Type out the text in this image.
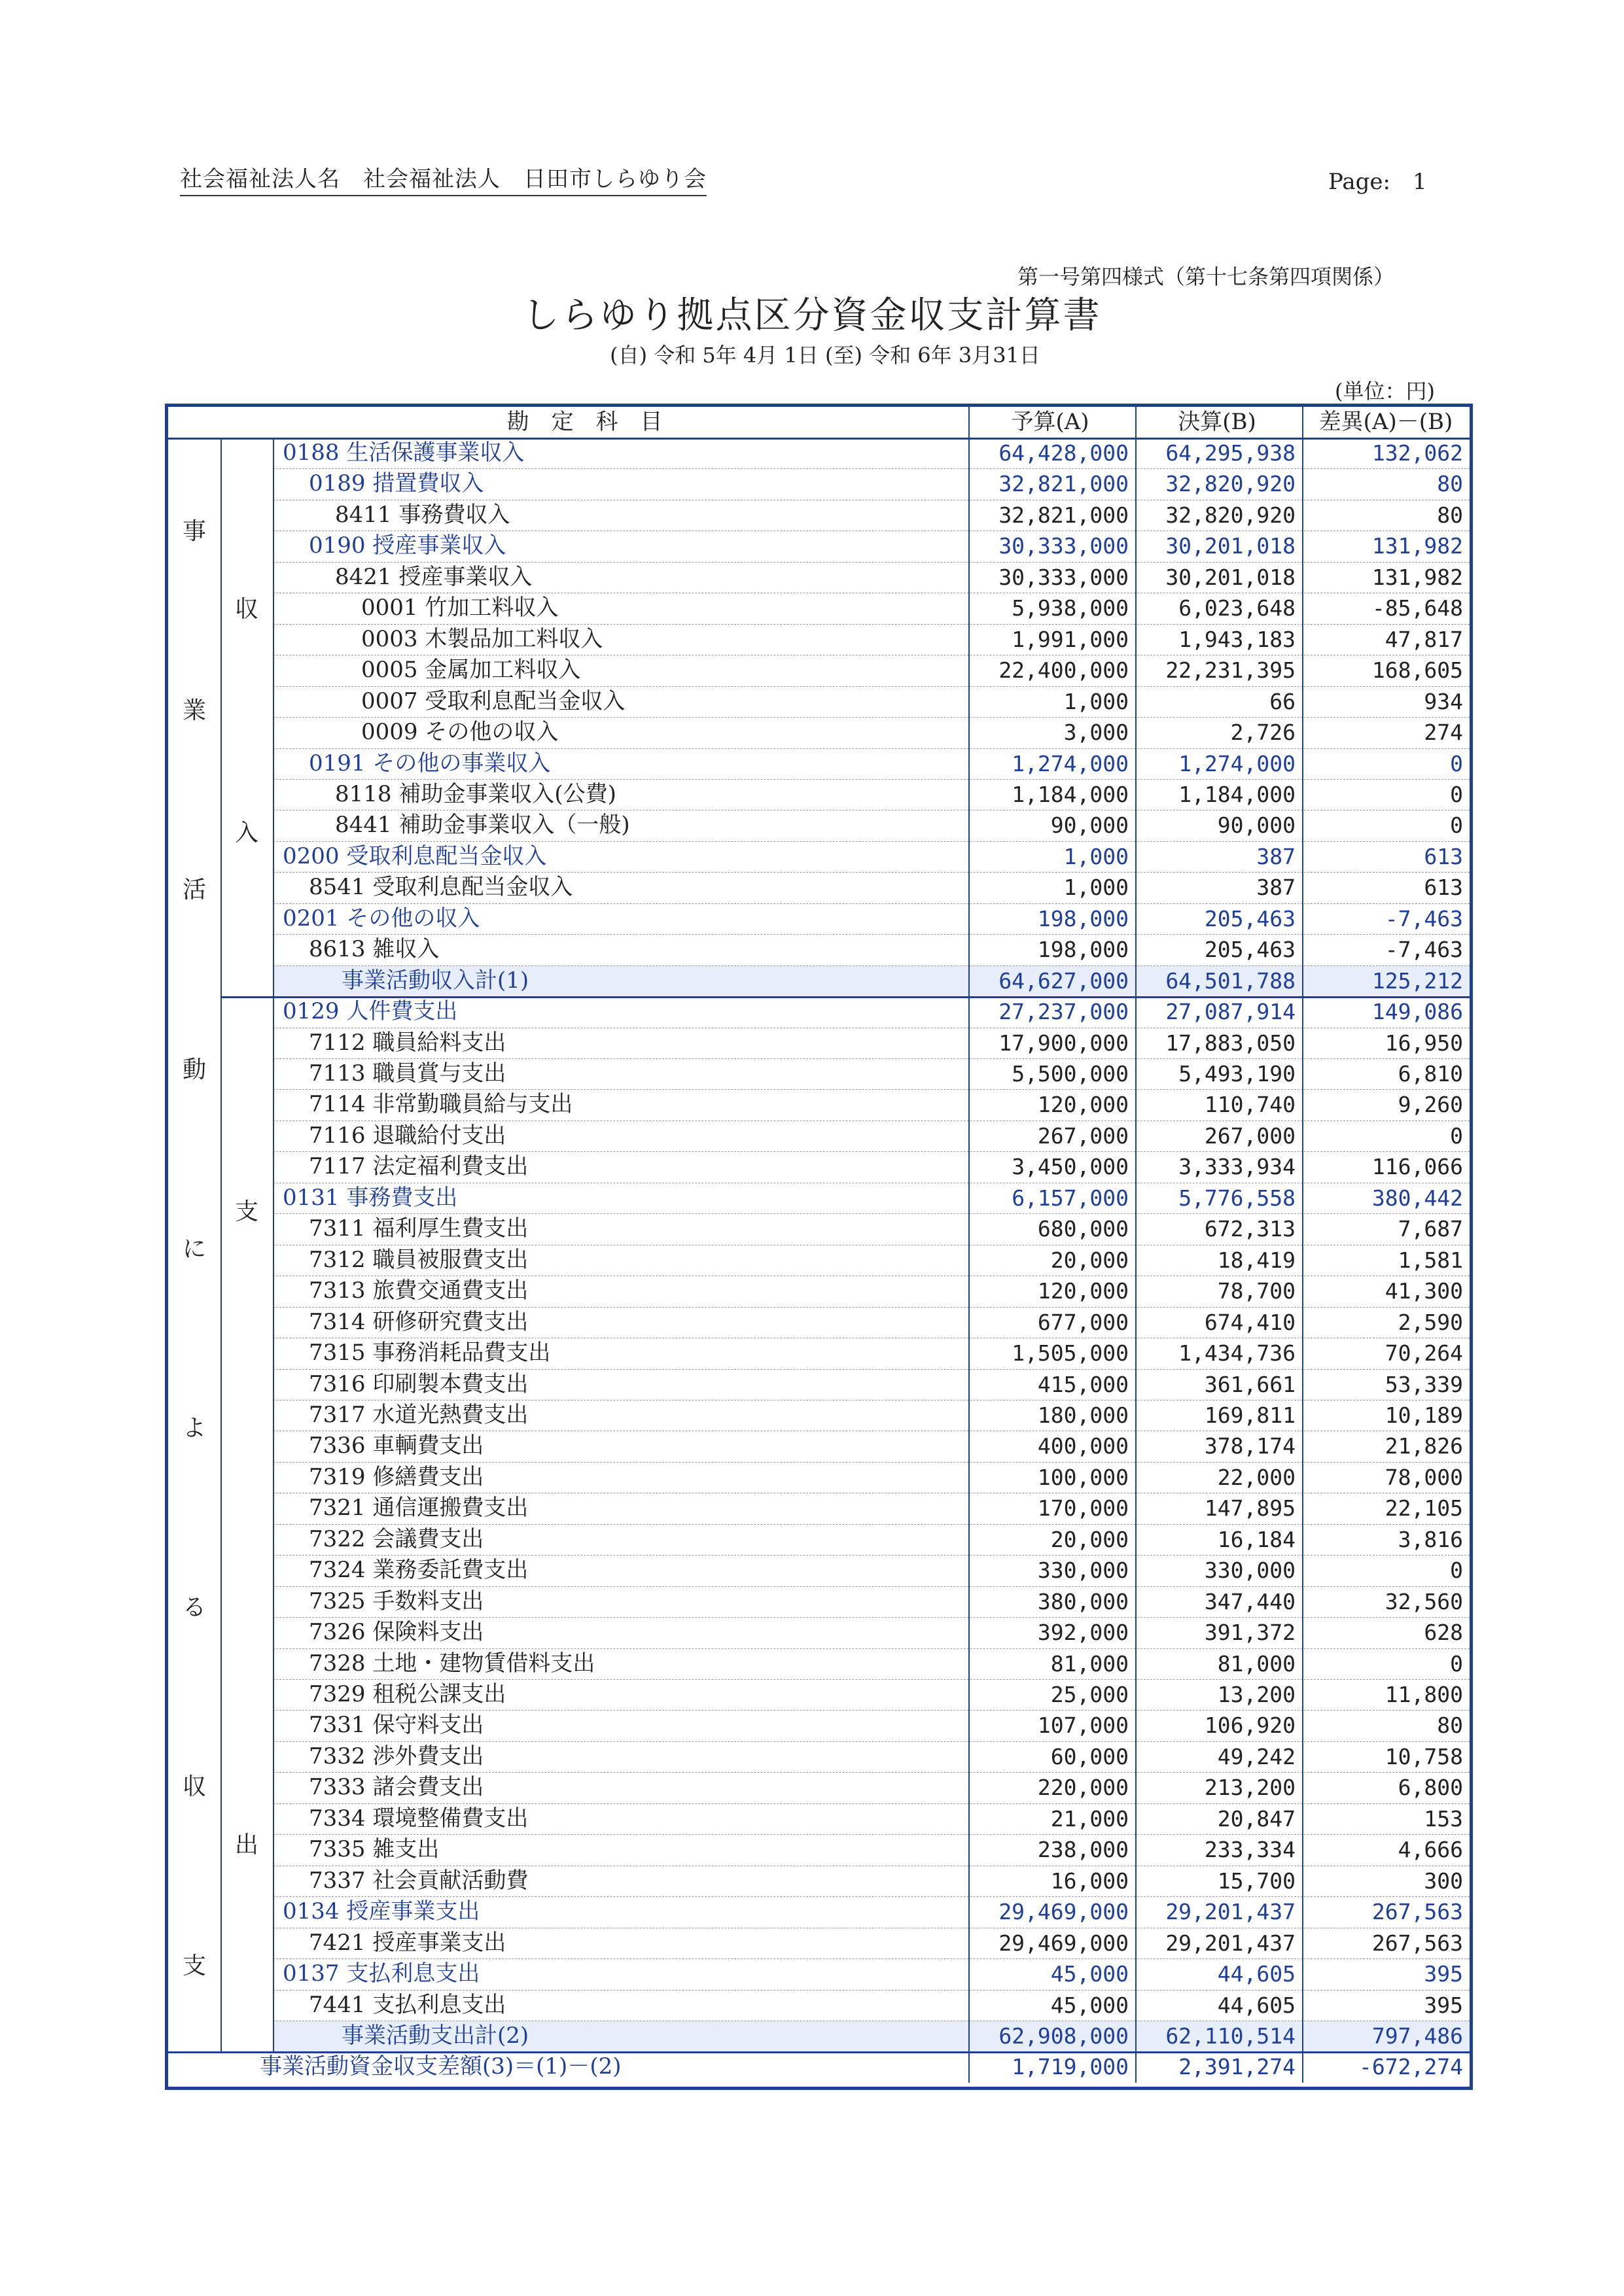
社会福祉法人名　社会福祉法人　日田市しらゆり会	Page:　1
第一号第四様式（第十七条第四項関係）
しらゆり拠点区分資金収支計算書
(自) 令和 5年 4月 1日 (至) 令和 6年 3月31日
(単位：円)
勘　定　科　目	予算(A)	決算(B)	差異(A)－(B)
事
業
活
動
に
よ
る
収
支
収
入
支
出
0188 生活保護事業収入	64,428,000	64,295,938	132,062
0189 措置費収入	32,821,000	32,820,920	80
8411 事務費収入	32,821,000	32,820,920	80
0190 授産事業収入	30,333,000	30,201,018	131,982
8421 授産事業収入	30,333,000	30,201,018	131,982
0001 竹加工料収入	5,938,000	6,023,648	-85,648
0003 木製品加工料収入	1,991,000	1,943,183	47,817
0005 金属加工料収入	22,400,000	22,231,395	168,605
0007 受取利息配当金収入	1,000	66	934
0009 その他の収入	3,000	2,726	274
0191 その他の事業収入	1,274,000	1,274,000	0
8118 補助金事業収入(公費)	1,184,000	1,184,000	0
8441 補助金事業収入（一般)	90,000	90,000	0
0200 受取利息配当金収入	1,000	387	613
8541 受取利息配当金収入	1,000	387	613
0201 その他の収入	198,000	205,463	-7,463
8613 雑収入	198,000	205,463	-7,463
事業活動収入計(1)	64,627,000	64,501,788	125,212
0129 人件費支出	27,237,000	27,087,914	149,086
7112 職員給料支出	17,900,000	17,883,050	16,950
7113 職員賞与支出	5,500,000	5,493,190	6,810
7114 非常勤職員給与支出	120,000	110,740	9,260
7116 退職給付支出	267,000	267,000	0
7117 法定福利費支出	3,450,000	3,333,934	116,066
0131 事務費支出	6,157,000	5,776,558	380,442
7311 福利厚生費支出	680,000	672,313	7,687
7312 職員被服費支出	20,000	18,419	1,581
7313 旅費交通費支出	120,000	78,700	41,300
7314 研修研究費支出	677,000	674,410	2,590
7315 事務消耗品費支出	1,505,000	1,434,736	70,264
7316 印刷製本費支出	415,000	361,661	53,339
7317 水道光熱費支出	180,000	169,811	10,189
7336 車輌費支出	400,000	378,174	21,826
7319 修繕費支出	100,000	22,000	78,000
7321 通信運搬費支出	170,000	147,895	22,105
7322 会議費支出	20,000	16,184	3,816
7324 業務委託費支出	330,000	330,000	0
7325 手数料支出	380,000	347,440	32,560
7326 保険料支出	392,000	391,372	628
7328 土地・建物賃借料支出	81,000	81,000	0
7329 租税公課支出	25,000	13,200	11,800
7331 保守料支出	107,000	106,920	80
7332 渉外費支出	60,000	49,242	10,758
7333 諸会費支出	220,000	213,200	6,800
7334 環境整備費支出	21,000	20,847	153
7335 雑支出	238,000	233,334	4,666
7337 社会貢献活動費	16,000	15,700	300
0134 授産事業支出	29,469,000	29,201,437	267,563
7421 授産事業支出	29,469,000	29,201,437	267,563
0137 支払利息支出	45,000	44,605	395
7441 支払利息支出	45,000	44,605	395
事業活動支出計(2)	62,908,000	62,110,514	797,486
事業活動資金収支差額(3)＝(1)－(2)	1,719,000	2,391,274	-672,274
